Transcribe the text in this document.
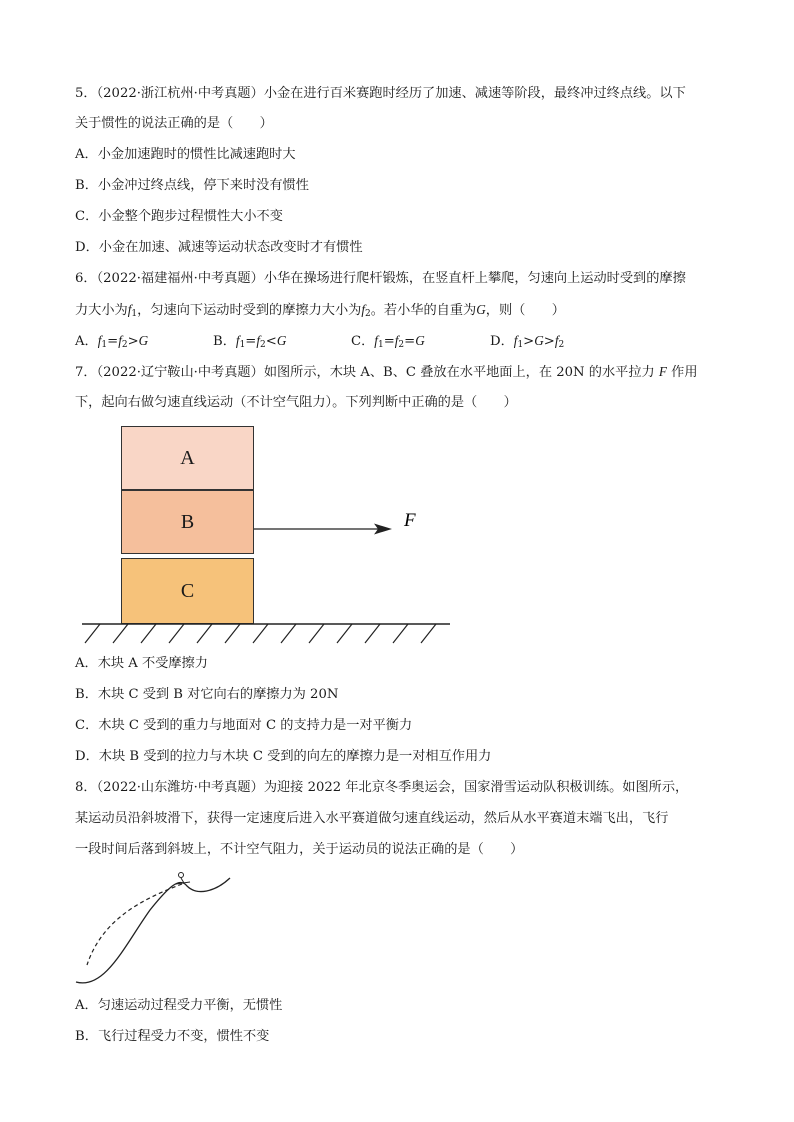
5．（2022·浙江杭州·中考真题）小金在进行百米赛跑时经历了加速、减速等阶段，最终冲过终点线。以下
关于惯性的说法正确的是（　　）
A．小金加速跑时的惯性比减速跑时大
B．小金冲过终点线，停下来时没有惯性
C．小金整个跑步过程惯性大小不变
D．小金在加速、减速等运动状态改变时才有惯性
6．（2022·福建福州·中考真题）小华在操场进行爬杆锻炼，在竖直杆上攀爬，匀速向上运动时受到的摩擦
力大小为$f_1$，匀速向下运动时受到的摩擦力大小为$f_2$。若小华的自重为G，则（　　）
A．$f_1=f_2>G$	B．$f_1=f_2<G$	C．$f_1=f_2=G$	D．$f_1>G>f_2$
7．（2022·辽宁鞍山·中考真题）如图所示，木块 A、B、C 叠放在水平地面上，在 20N 的水平拉力 F 作用
下，起向右做匀速直线运动（不计空气阻力）。下列判断中正确的是（　　）
A
B
C
F
A．木块 A 不受摩擦力
B．木块 C 受到 B 对它向右的摩擦力为 20N
C．木块 C 受到的重力与地面对 C 的支持力是一对平衡力
D．木块 B 受到的拉力与木块 C 受到的向左的摩擦力是一对相互作用力
8．（2022·山东潍坊·中考真题）为迎接 2022 年北京冬季奥运会，国家滑雪运动队积极训练。如图所示，
某运动员沿斜坡滑下，获得一定速度后进入水平赛道做匀速直线运动，然后从水平赛道末端飞出，飞行
一段时间后落到斜坡上，不计空气阻力，关于运动员的说法正确的是（　　）
A．匀速运动过程受力平衡，无惯性
B．飞行过程受力不变，惯性不变
